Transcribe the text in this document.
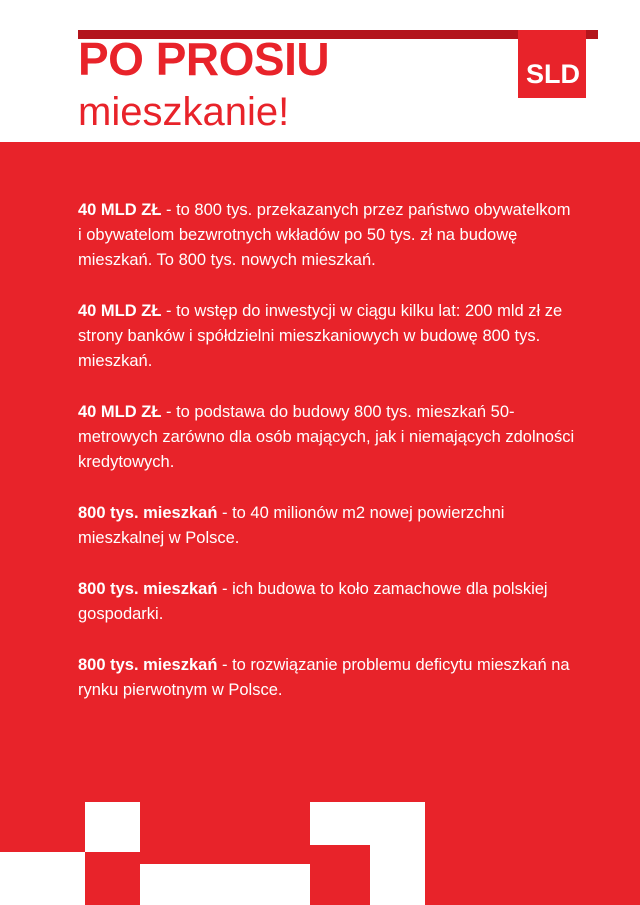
PO PROSIU
mieszkanie!
SLD

40 MLD ZŁ - to 800 tys. przekazanych przez państwo obywatelkom i obywatelom bezwrotnych wkładów po 50 tys. zł na budowę mieszkań. To 800 tys. nowych mieszkań.

40 MLD ZŁ - to wstęp do inwestycji w ciągu kilku lat: 200 mld zł ze strony banków i spółdzielni mieszkaniowych w budowę 800 tys. mieszkań.

40 MLD ZŁ - to podstawa do budowy 800 tys. mieszkań 50-metrowych zarówno dla osób mających, jak i niemających zdolności kredytowych.

800 tys. mieszkań - to 40 milionów m2 nowej powierzchni mieszkalnej w Polsce.

800 tys. mieszkań - ich budowa to koło zamachowe dla polskiej gospodarki.

800 tys. mieszkań - to rozwiązanie problemu deficytu mieszkań na rynku pierwotnym w Polsce.
